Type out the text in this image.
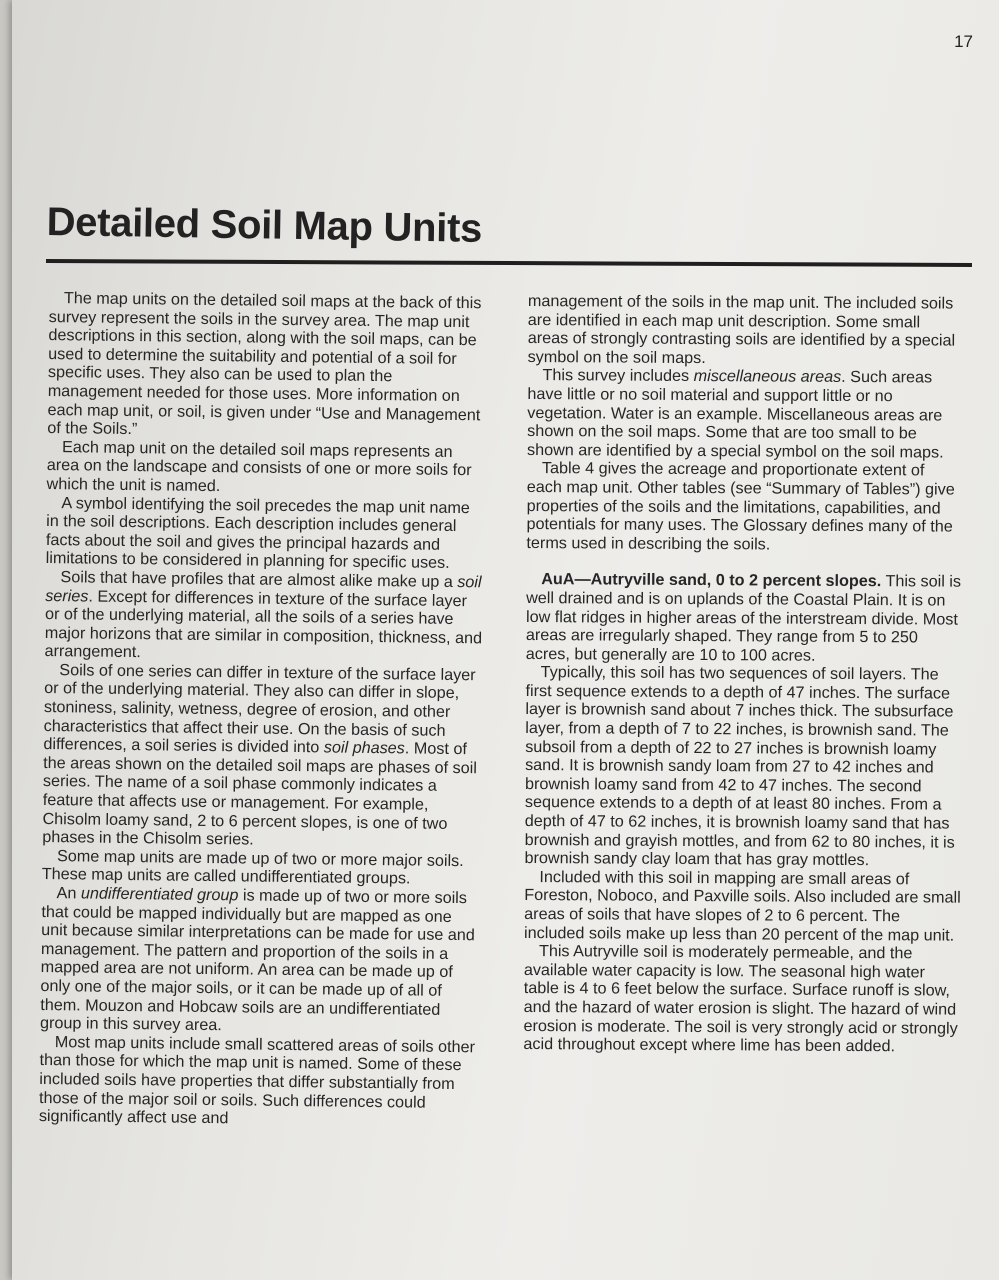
17
Detailed Soil Map Units

The map units on the detailed soil maps at the back of this survey represent the soils in the survey area. The map unit descriptions in this section, along with the soil maps, can be used to determine the suitability and potential of a soil for specific uses. They also can be used to plan the management needed for those uses. More information on each map unit, or soil, is given under “Use and Management of the Soils.”

Each map unit on the detailed soil maps represents an area on the landscape and consists of one or more soils for which the unit is named.

A symbol identifying the soil precedes the map unit name in the soil descriptions. Each description includes general facts about the soil and gives the principal hazards and limitations to be considered in planning for specific uses.

Soils that have profiles that are almost alike make up a soil series. Except for differences in texture of the surface layer or of the underlying material, all the soils of a series have major horizons that are similar in composition, thickness, and arrangement.

Soils of one series can differ in texture of the surface layer or of the underlying material. They also can differ in slope, stoniness, salinity, wetness, degree of erosion, and other characteristics that affect their use. On the basis of such differences, a soil series is divided into soil phases. Most of the areas shown on the detailed soil maps are phases of soil series. The name of a soil phase commonly indicates a feature that affects use or management. For example, Chisolm loamy sand, 2 to 6 percent slopes, is one of two phases in the Chisolm series.

Some map units are made up of two or more major soils. These map units are called undifferentiated groups.

An undifferentiated group is made up of two or more soils that could be mapped individually but are mapped as one unit because similar interpretations can be made for use and management. The pattern and proportion of the soils in a mapped area are not uniform. An area can be made up of only one of the major soils, or it can be made up of all of them. Mouzon and Hobcaw soils are an undifferentiated group in this survey area.

Most map units include small scattered areas of soils other than those for which the map unit is named. Some of these included soils have properties that differ substantially from those of the major soil or soils. Such differences could significantly affect use and

management of the soils in the map unit. The included soils are identified in each map unit description. Some small areas of strongly contrasting soils are identified by a special symbol on the soil maps.

This survey includes miscellaneous areas. Such areas have little or no soil material and support little or no vegetation. Water is an example. Miscellaneous areas are shown on the soil maps. Some that are too small to be shown are identified by a special symbol on the soil maps.

Table 4 gives the acreage and proportionate extent of each map unit. Other tables (see “Summary of Tables”) give properties of the soils and the limitations, capabilities, and potentials for many uses. The Glossary defines many of the terms used in describing the soils.

AuA—Autryville sand, 0 to 2 percent slopes. This soil is well drained and is on uplands of the Coastal Plain. It is on low flat ridges in higher areas of the interstream divide. Most areas are irregularly shaped. They range from 5 to 250 acres, but generally are 10 to 100 acres.

Typically, this soil has two sequences of soil layers. The first sequence extends to a depth of 47 inches. The surface layer is brownish sand about 7 inches thick. The subsurface layer, from a depth of 7 to 22 inches, is brownish sand. The subsoil from a depth of 22 to 27 inches is brownish loamy sand. It is brownish sandy loam from 27 to 42 inches and brownish loamy sand from 42 to 47 inches. The second sequence extends to a depth of at least 80 inches. From a depth of 47 to 62 inches, it is brownish loamy sand that has brownish and grayish mottles, and from 62 to 80 inches, it is brownish sandy clay loam that has gray mottles.

Included with this soil in mapping are small areas of Foreston, Noboco, and Paxville soils. Also included are small areas of soils that have slopes of 2 to 6 percent. The included soils make up less than 20 percent of the map unit.

This Autryville soil is moderately permeable, and the available water capacity is low. The seasonal high water table is 4 to 6 feet below the surface. Surface runoff is slow, and the hazard of water erosion is slight. The hazard of wind erosion is moderate. The soil is very strongly acid or strongly acid throughout except where lime has been added.
